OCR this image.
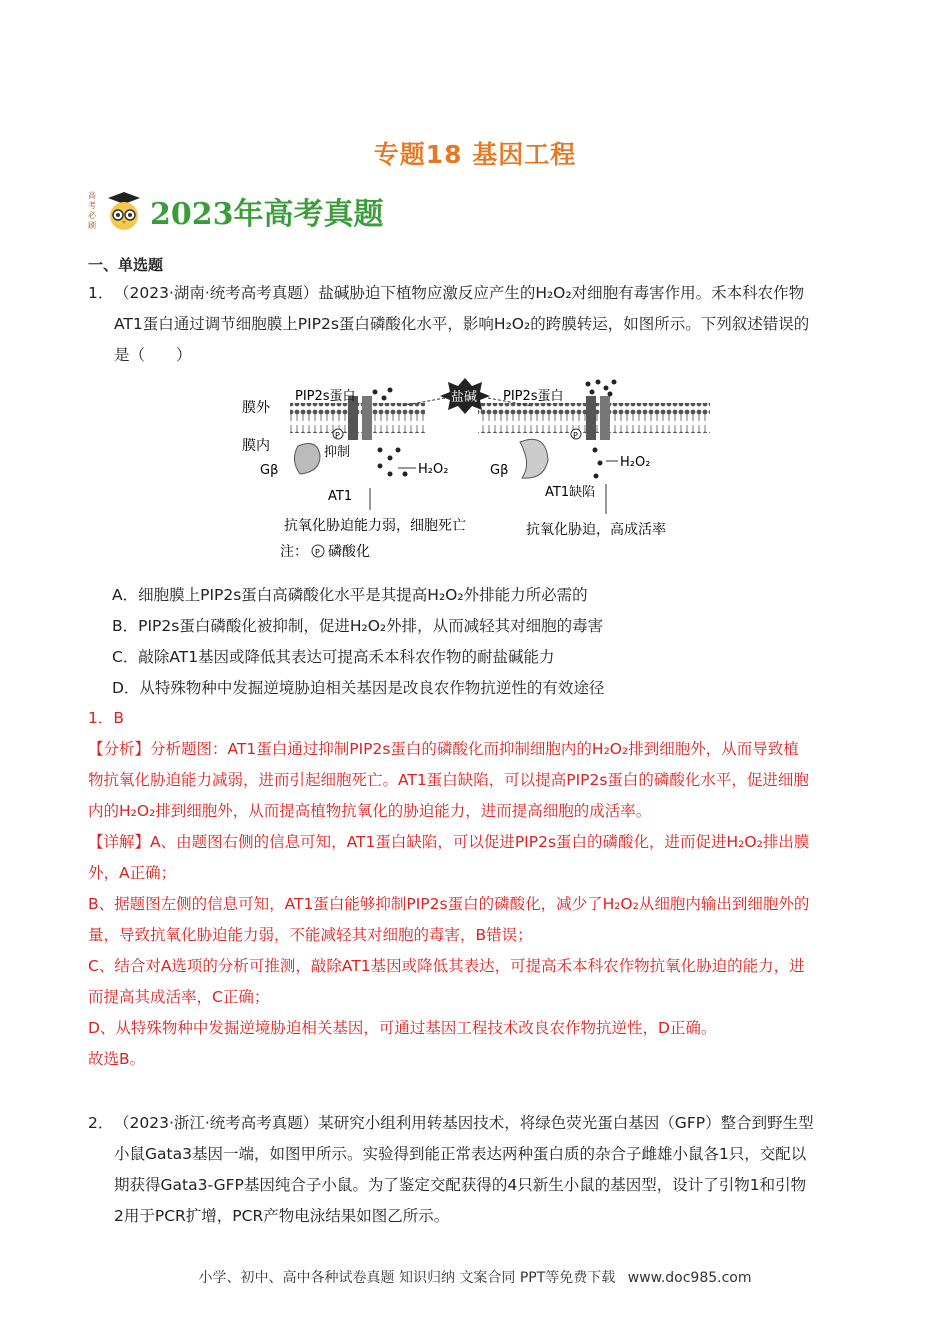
专题18 基因工程
高
考
必
刷 2023年高考真题
一、单选题
1．（2023·湖南·统考高考真题）盐碱胁迫下植物应激反应产生的H₂O₂对细胞有毒害作用。禾本科农作物
AT1蛋白通过调节细胞膜上PIP2s蛋白磷酸化水平，影响H₂O₂的跨膜转运，如图所示。下列叙述错误的
是（　　）
P	P
盐碱
膜外
膜内
PIP2s蛋白	PIP2s蛋白
抑制
Gβ	Gβ
H₂O₂	H₂O₂
AT1	AT1缺陷
抗氧化胁迫能力弱，细胞死亡	抗氧化胁迫，高成活率
注： P 磷酸化
A．细胞膜上PIP2s蛋白高磷酸化水平是其提高H₂O₂外排能力所必需的
B．PIP2s蛋白磷酸化被抑制，促进H₂O₂外排，从而减轻其对细胞的毒害
C．敲除AT1基因或降低其表达可提高禾本科农作物的耐盐碱能力
D．从特殊物种中发掘逆境胁迫相关基因是改良农作物抗逆性的有效途径
1．B
【分析】分析题图：AT1蛋白通过抑制PIP2s蛋白的磷酸化而抑制细胞内的H₂O₂排到细胞外，从而导致植
物抗氧化胁迫能力减弱，进而引起细胞死亡。AT1蛋白缺陷，可以提高PIP2s蛋白的磷酸化水平，促进细胞
内的H₂O₂排到细胞外，从而提高植物抗氧化的胁迫能力，进而提高细胞的成活率。
【详解】A、由题图右侧的信息可知，AT1蛋白缺陷，可以促进PIP2s蛋白的磷酸化，进而促进H₂O₂排出膜
外，A正确；
B、据题图左侧的信息可知，AT1蛋白能够抑制PIP2s蛋白的磷酸化，减少了H₂O₂从细胞内输出到细胞外的
量，导致抗氧化胁迫能力弱，不能减轻其对细胞的毒害，B错误；
C、结合对A选项的分析可推测，敲除AT1基因或降低其表达，可提高禾本科农作物抗氧化胁迫的能力，进
而提高其成活率，C正确；
D、从特殊物种中发掘逆境胁迫相关基因，可通过基因工程技术改良农作物抗逆性，D正确。
故选B。
2．（2023·浙江·统考高考真题）某研究小组利用转基因技术，将绿色荧光蛋白基因（GFP）整合到野生型
小鼠Gata3基因一端，如图甲所示。实验得到能正常表达两种蛋白质的杂合子雌雄小鼠各1只，交配以
期获得Gata3-GFP基因纯合子小鼠。为了鉴定交配获得的4只新生小鼠的基因型，设计了引物1和引物
2用于PCR扩增，PCR产物电泳结果如图乙所示。
小学、初中、高中各种试卷真题 知识归纳 文案合同 PPT等免费下载 www.doc985.com
